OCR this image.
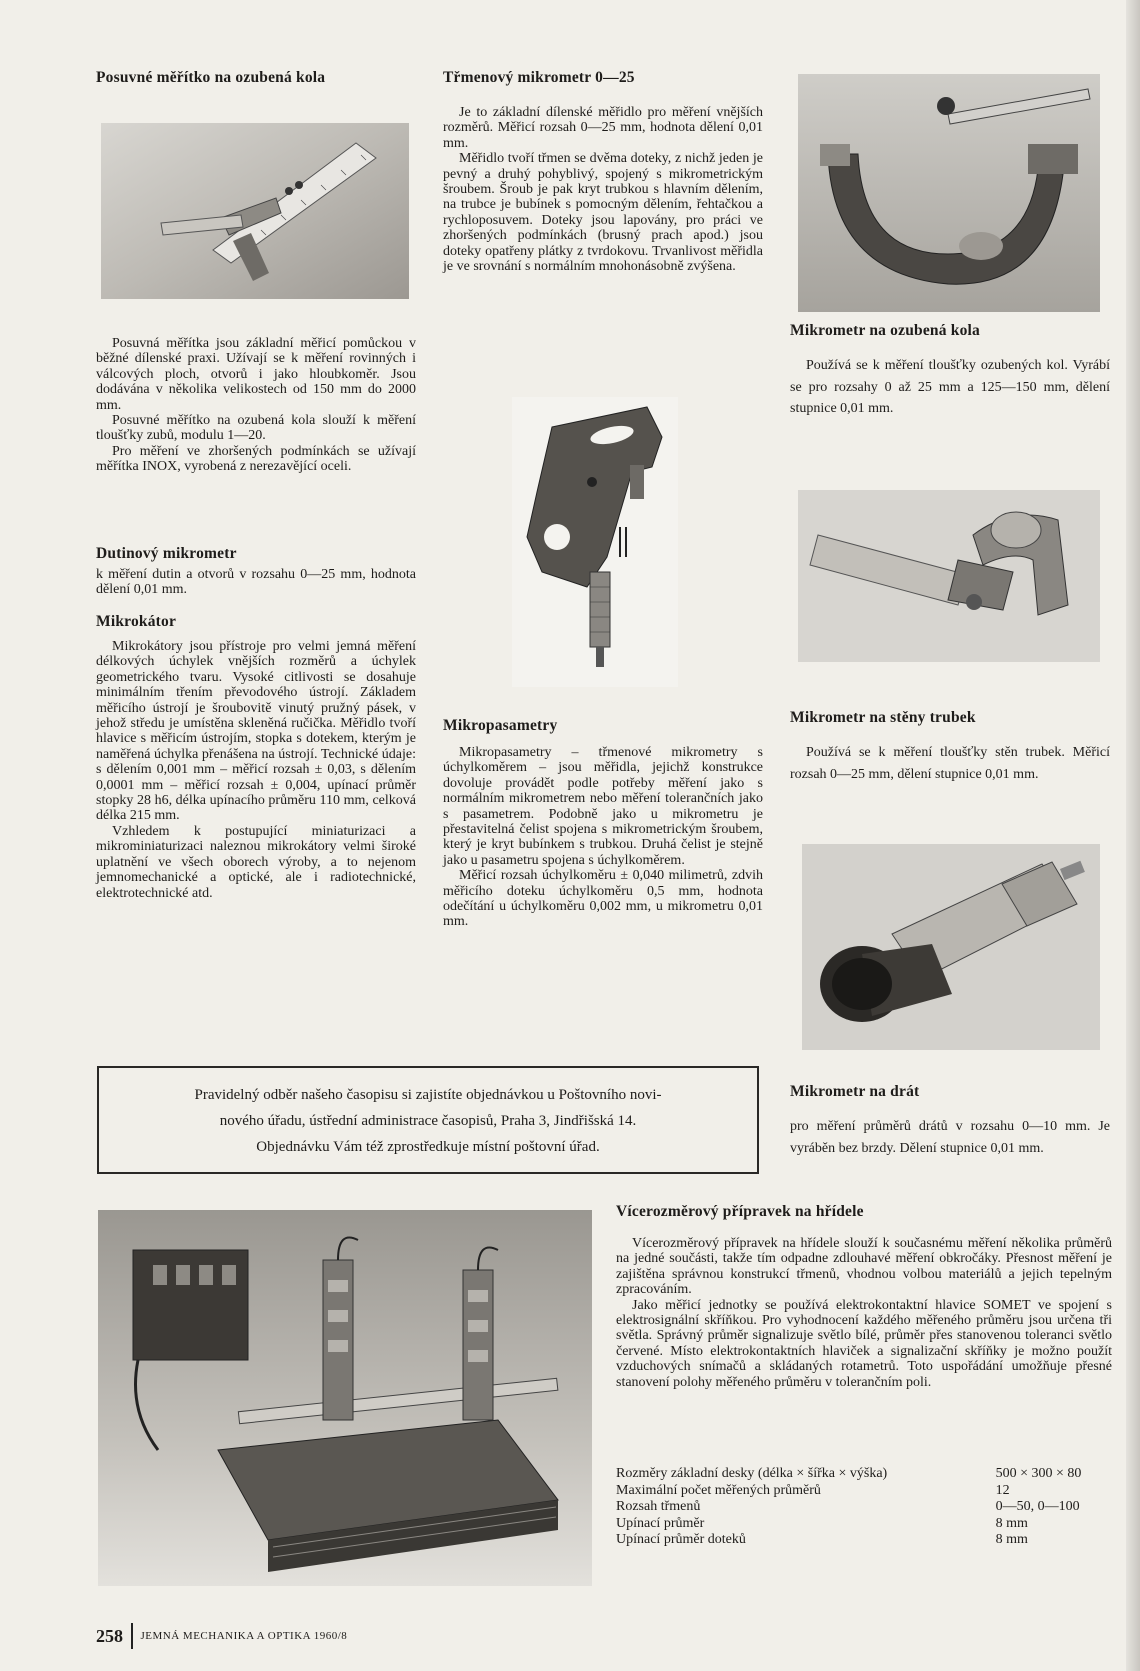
Posuvné měřítko na ozubená kola

Posuvná měřítka jsou základní měřicí pomůckou v běžné dílenské praxi. Užívají se k měření rovinných i válcových ploch, otvorů i jako hloubkoměr. Jsou dodávána v několika velikostech od 150 mm do 2000 mm.

Posuvné měřítko na ozubená kola slouží k měření tloušťky zubů, modulu 1—20.

Pro měření ve zhoršených podmínkách se užívají měřítka INOX, vyrobená z nerezavějící oceli.

Dutinový mikrometr

k měření dutin a otvorů v rozsahu 0—25 mm, hodnota dělení 0,01 mm.

Mikrokátor

Mikrokátory jsou přístroje pro velmi jemná měření délkových úchylek vnějších rozměrů a úchylek geometrického tvaru. Vysoké citlivosti se dosahuje minimálním třením převodového ústrojí. Základem měřicího ústrojí je šroubovitě vinutý pružný pásek, v jehož středu je umístěna skleněná ručička. Měřidlo tvoří hlavice s měřicím ústrojím, stopka s dotekem, kterým je naměřená úchylka přenášena na ústrojí. Technické údaje: s dělením 0,001 mm – měřicí rozsah ± 0,03, s dělením 0,0001 mm – měřicí rozsah ± 0,004, upínací průměr stopky 28 h6, délka upínacího průměru 110 mm, celková délka 215 mm.

Vzhledem k postupující miniaturizaci a mikrominiaturizaci naleznou mikrokátory velmi široké uplatnění ve všech oborech výroby, a to nejenom jemnomechanické a optické, ale i radiotechnické, elektrotechnické atd.

Třmenový mikrometr 0—25

Je to základní dílenské měřidlo pro měření vnějších rozměrů. Měřicí rozsah 0—25 mm, hodnota dělení 0,01 mm.

Měřidlo tvoří třmen se dvěma doteky, z nichž jeden je pevný a druhý pohyblivý, spojený s mikrometrickým šroubem. Šroub je pak kryt trubkou s hlavním dělením, na trubce je bubínek s pomocným dělením, řehtačkou a rychloposuvem. Doteky jsou lapovány, pro práci ve zhoršených podmínkách (brusný prach apod.) jsou doteky opatřeny plátky z tvrdokovu. Trvanlivost měřidla je ve srovnání s normálním mnohonásobně zvýšena.

Mikropasametry

Mikropasametry – třmenové mikrometry s úchylkoměrem – jsou měřidla, jejichž konstrukce dovoluje provádět podle potřeby měření jako s normálním mikrometrem nebo měření tolerančních jako s pasametrem. Podobně jako u mikrometru je přestavitelná čelist spojena s mikrometrickým šroubem, který je kryt bubínkem s trubkou. Druhá čelist je stejně jako u pasametru spojena s úchylkoměrem.

Měřicí rozsah úchylkoměru ± 0,040 milimetrů, zdvih měřicího doteku úchylkoměru 0,5 mm, hodnota odečítání u úchylkoměru 0,002 mm, u mikrometru 0,01 mm.

Mikrometr na ozubená kola

Používá se k měření tloušťky ozubených kol. Vyrábí se pro rozsahy 0 až 25 mm a 125—150 mm, dělení stupnice 0,01 mm.

Mikrometr na stěny trubek

Používá se k měření tloušťky stěn trubek. Měřicí rozsah 0—25 mm, dělení stupnice 0,01 mm.

Mikrometr na drát

pro měření průměrů drátů v rozsahu 0—10 mm. Je vyráběn bez brzdy. Dělení stupnice 0,01 mm.

Pravidelný odběr našeho časopisu si zajistíte objednávkou u Poštovního novi-
nového úřadu, ústřední administrace časopisů, Praha 3, Jindřišská 14.
Objednávku Vám též zprostředkuje místní poštovní úřad.
Vícerozměrový přípravek na hřídele

Vícerozměrový přípravek na hřídele slouží k současnému měření několika průměrů na jedné součásti, takže tím odpadne zdlouhavé měření obkročáky. Přesnost měření je zajištěna správnou konstrukcí třmenů, vhodnou volbou materiálů a jejich tepelným zpracováním.

Jako měřicí jednotky se používá elektrokontaktní hlavice SOMET ve spojení s elektrosignální skříňkou. Pro vyhodnocení každého měřeného průměru jsou určena tři světla. Správný průměr signalizuje světlo bílé, průměr přes stanovenou toleranci světlo červené. Místo elektrokontaktních hlaviček a signalizační skříňky je možno použít vzduchových snímačů a skládaných rotametrů. Toto uspořádání umožňuje přesné stanovení polohy měřeného průměru v tolerančním poli.

Rozměry základní desky (délka × šířka × výška)	500 × 300 × 80
Maximální počet měřených průměrů	12
Rozsah třmenů	0—50, 0—100
Upínací průměr	8 mm
Upínací průměr doteků	8 mm
258 JEMNÁ MECHANIKA A OPTIKA 1960/8
